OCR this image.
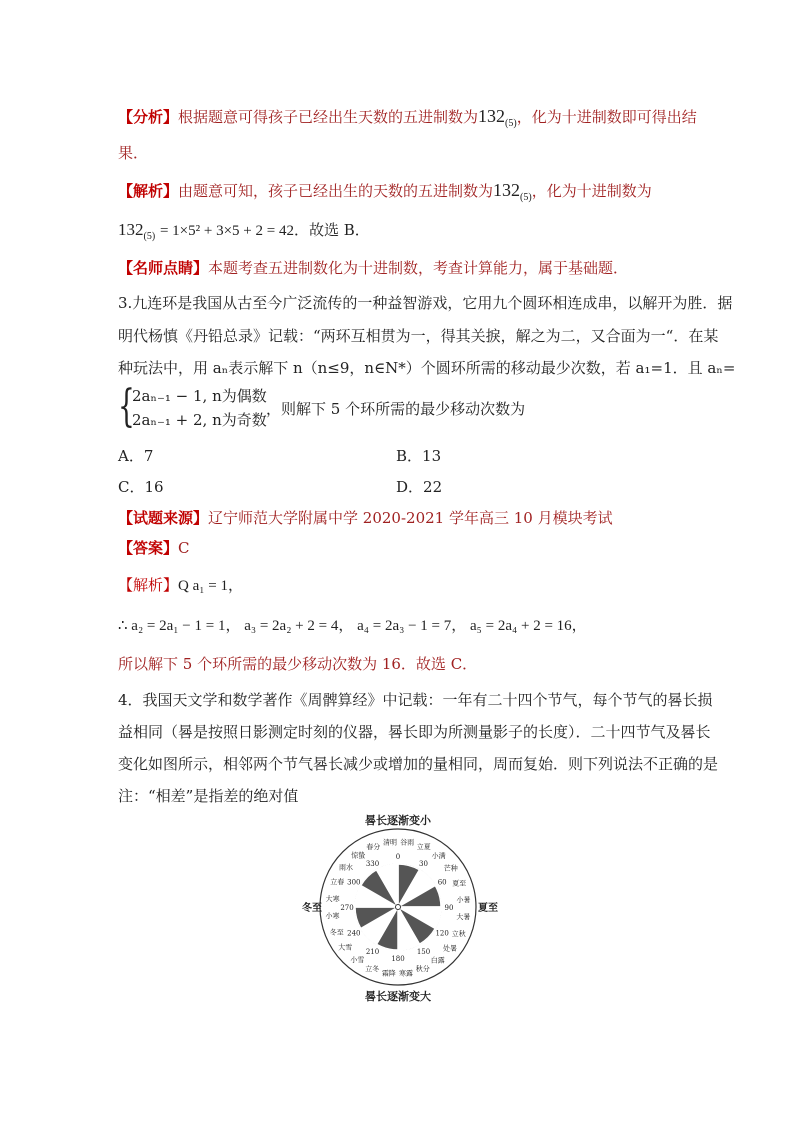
【分析】根据题意可得孩子已经出生天数的五进制数为$132_{(5)}$，化为十进制数即可得出结
果．
【解析】由题意可知，孩子已经出生的天数的五进制数为$132_{(5)}$，化为十进制数为
$132_{(5)} = 1\times 5^2 + 3\times 5 + 2 = 42$．故选 B．
【名师点睛】本题考查五进制数化为十进制数，考查计算能力，属于基础题．
3.九连环是我国从古至今广泛流传的一种益智游戏，它用九个圆环相连成串，以解开为胜．据
明代杨慎《丹铅总录》记载：“两环互相贯为一，得其关捩，解之为二，又合面为一“．在某
种玩法中，用 aₙ表示解下 n（n≤9，n∈N*）个圆环所需的移动最少次数，若 a₁=1．且 aₙ=
{
2aₙ₋₁ − 1, n为偶数
2aₙ₋₁ + 2, n为奇数
，则解下 5 个环所需的最少移动次数为
A．7	B．13
C．16	D．22
【试题来源】辽宁师范大学附属中学 2020-2021 学年高三 10 月模块考试
【答案】C
【解析】Q a₁ = 1，
∴ a₂ = 2a₁ − 1 = 1， a₃ = 2a₂ + 2 = 4， a₄ = 2a₃ − 1 = 7， a₅ = 2a₄ + 2 = 16，
所以解下 5 个环所需的最少移动次数为 16．故选 C．
4．我国天文学和数学著作《周髀算经》中记载：一年有二十四个节气，每个节气的晷长损
益相同（晷是按照日影测定时刻的仪器，晷长即为所测量影子的长度）．二十四节气及晷长
变化如图所示，相邻两个节气晷长减少或增加的量相同，周而复始．则下列说法不正确的是
注：“相差”是指差的绝对值
0
30
60
90
120
150
180
210
240
270
300
330
清明 谷雨
立夏
小满
芒种
夏至
小暑
大暑
立秋
处暑
白露
秋分
寒露
霜降
立冬
小雪
大雪
冬至
小寒
大寒
立春
雨水
惊蛰
春分
晷长逐渐变小
晷长逐渐变大
冬至	夏至
